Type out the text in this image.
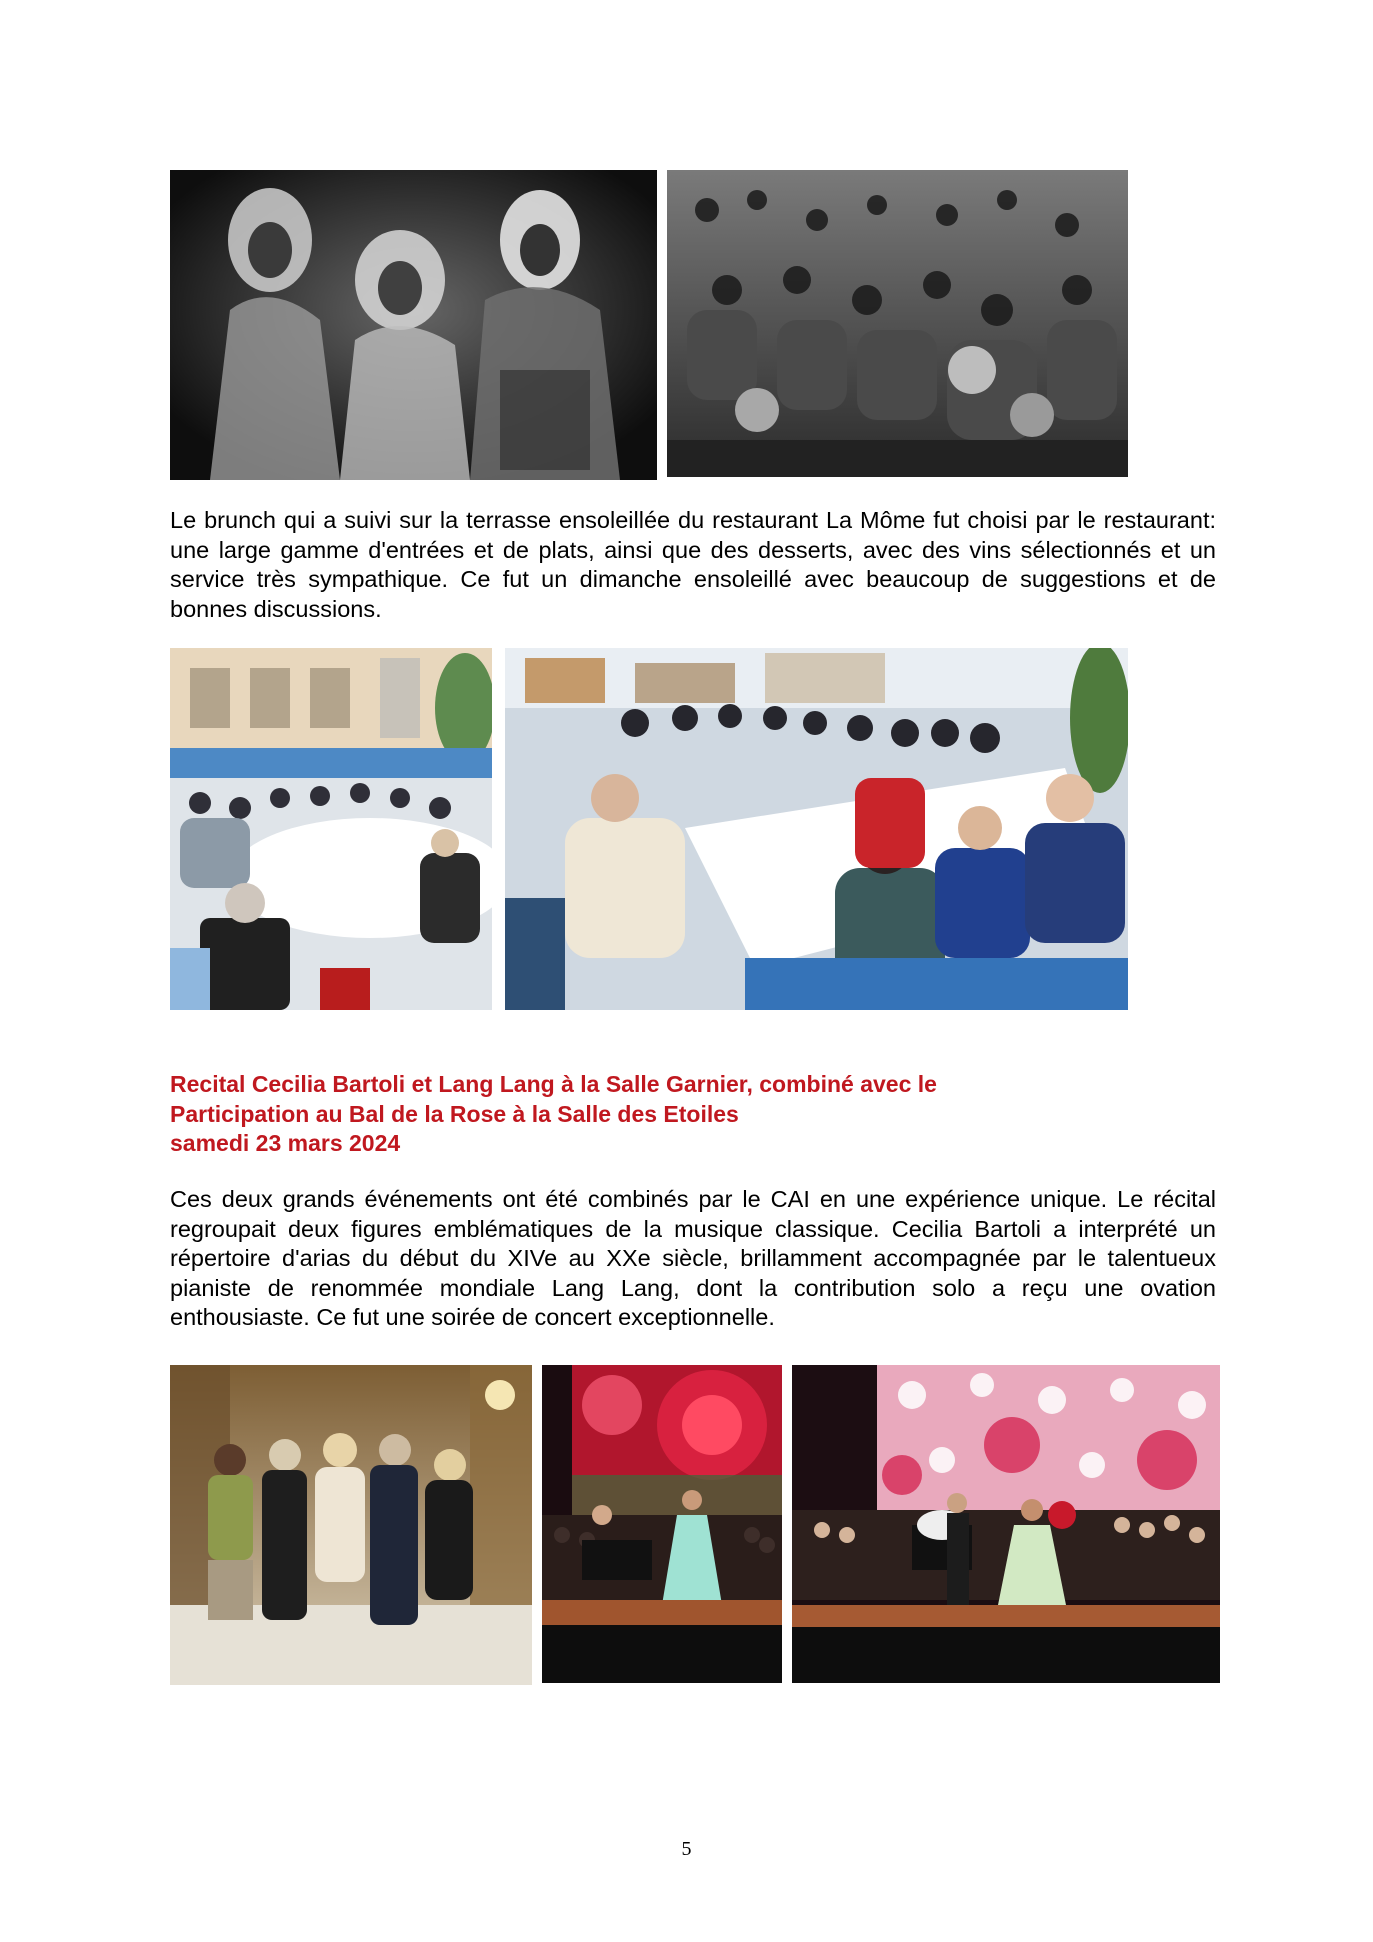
Le brunch qui a suivi sur la terrasse ensoleillée du restaurant La Môme fut choisi par le restaurant: une large gamme d'entrées et de plats, ainsi que des desserts, avec des vins sélectionnés et un service très sympathique. Ce fut un dimanche ensoleillé avec beaucoup de suggestions et de bonnes discussions.

Recital Cecilia Bartoli et Lang Lang à la Salle Garnier, combiné avec le
Participation au Bal de la Rose à la Salle des Etoiles
samedi 23 mars 2024

Ces deux grands événements ont été combinés par le CAI en une expérience unique. Le récital regroupait deux figures emblématiques de la musique classique. Cecilia Bartoli a interprété un répertoire d'arias du début du XIVe au XXe siècle, brillamment accompagnée par le talentueux pianiste de renommée mondiale Lang Lang, dont la contribution solo a reçu une ovation enthousiaste. Ce fut une soirée de concert exceptionnelle.

5
